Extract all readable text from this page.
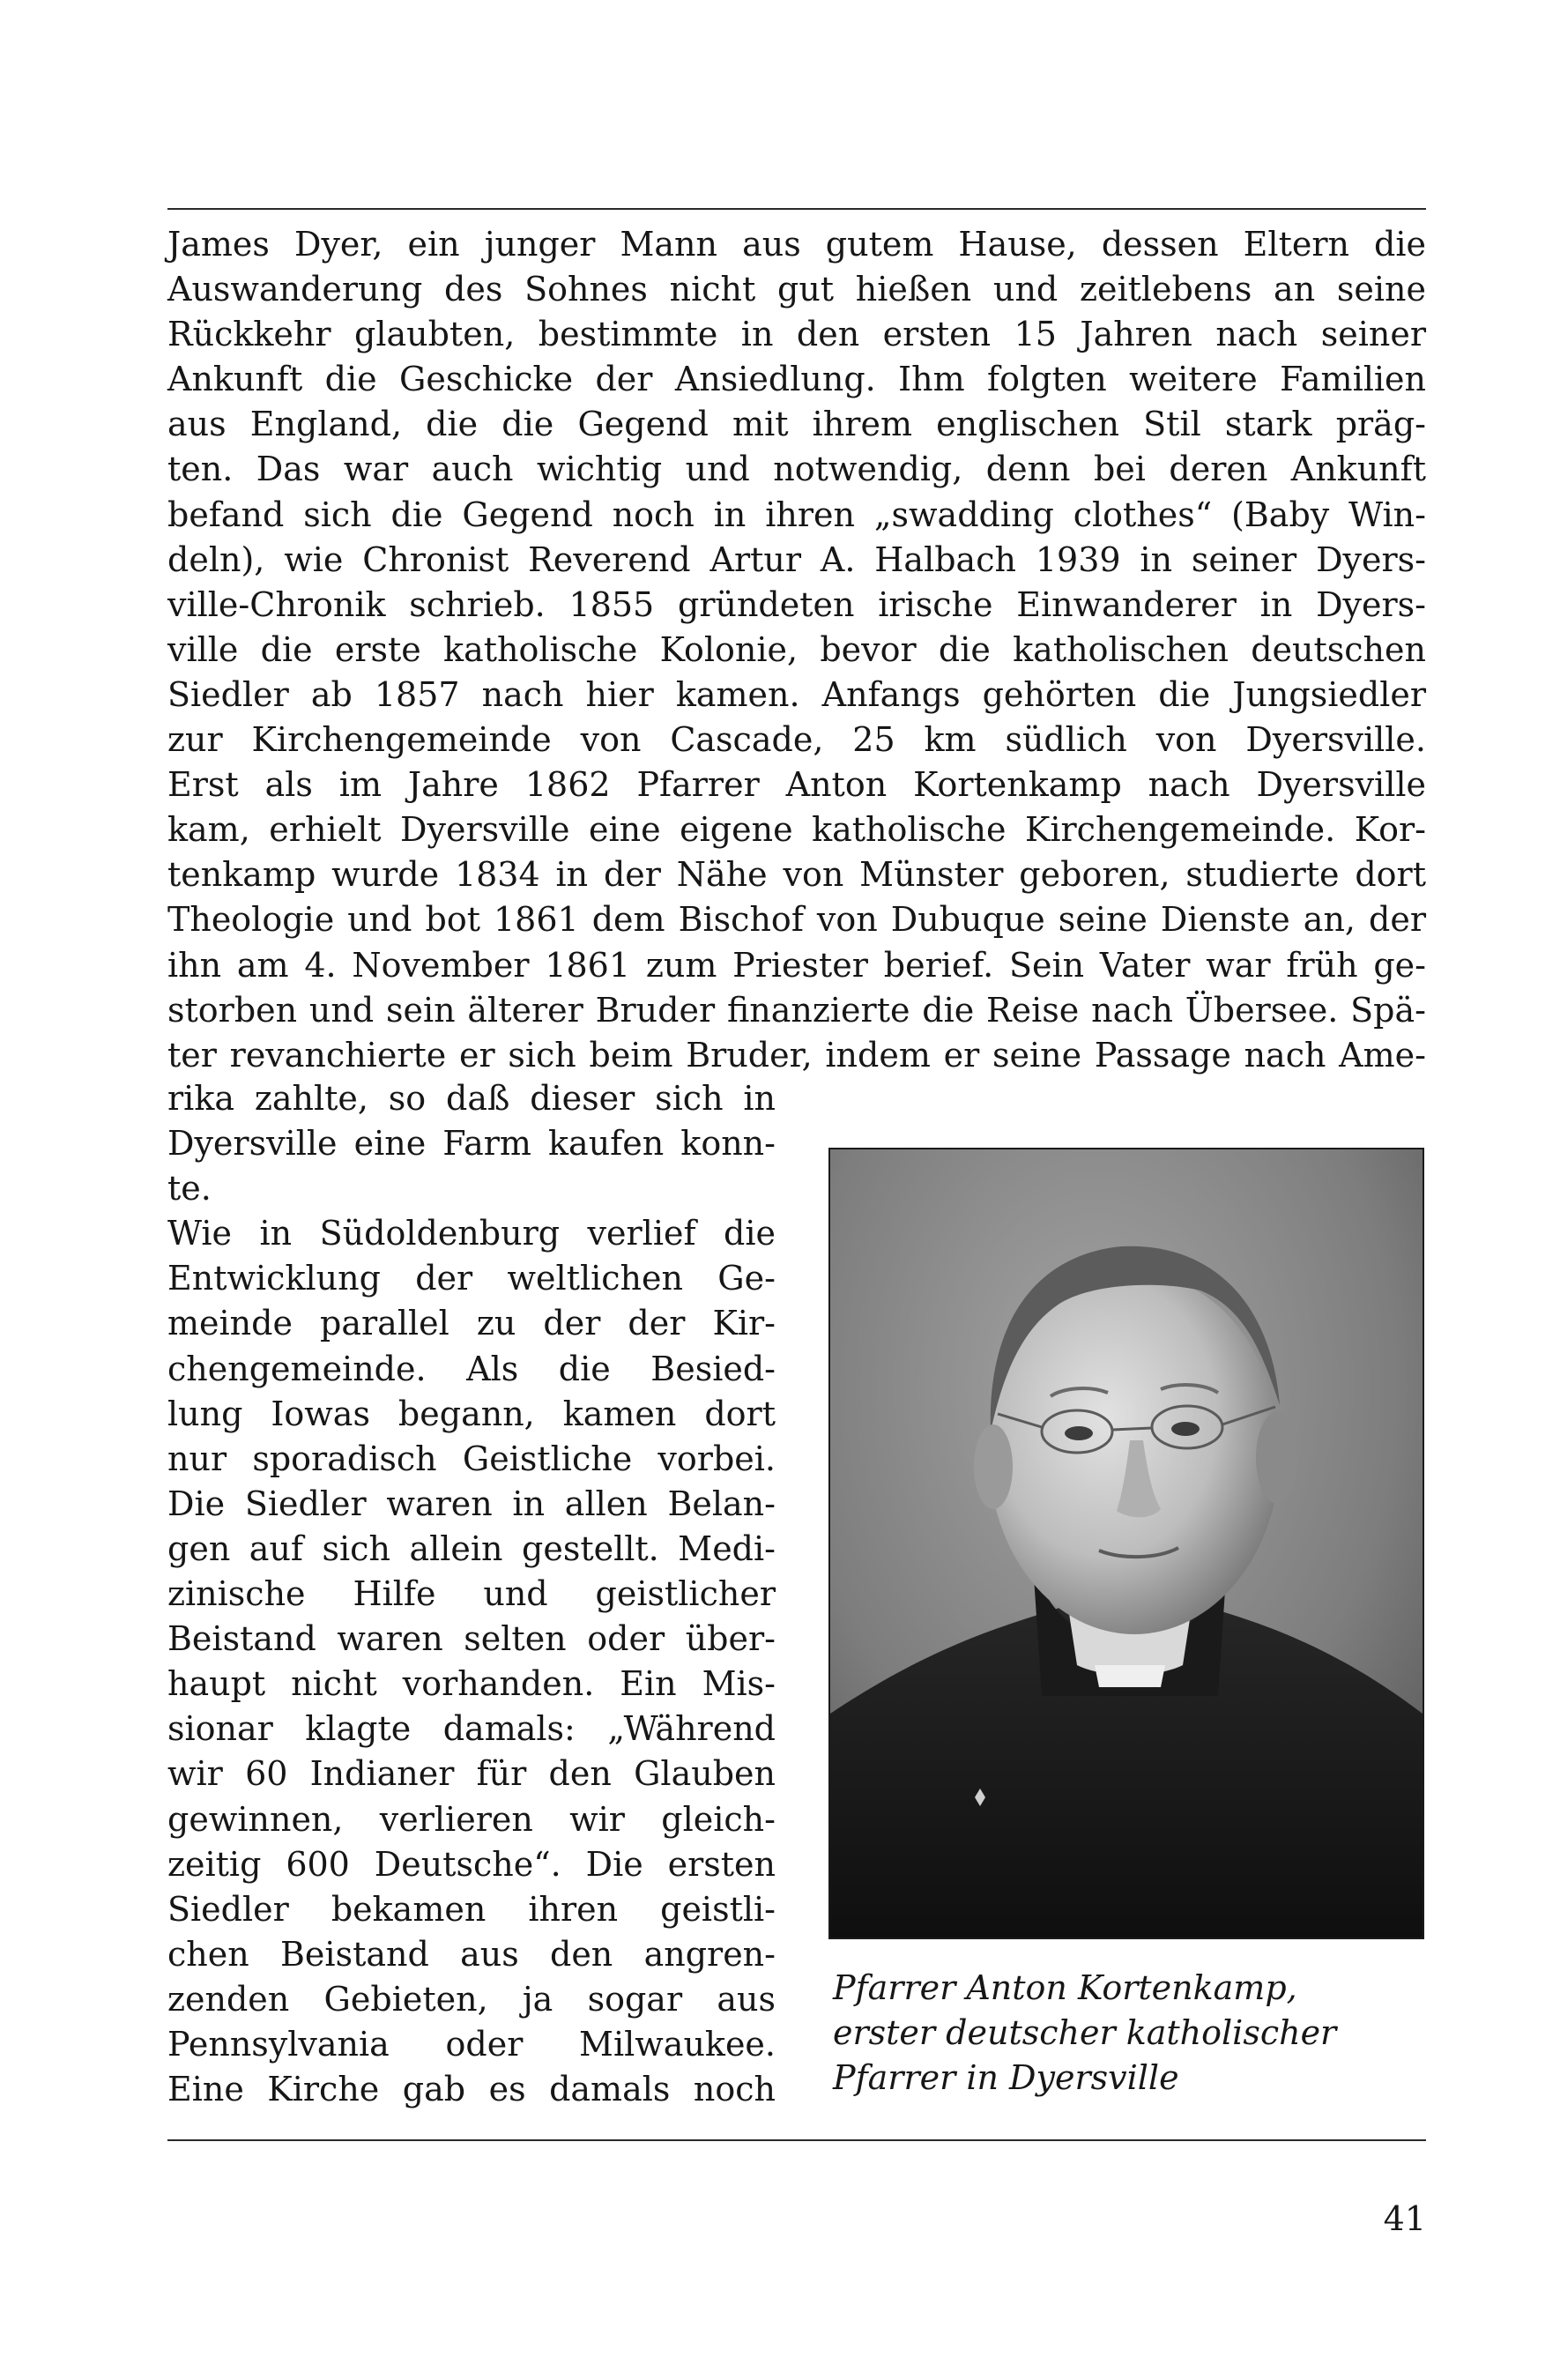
James Dyer, ein junger Mann aus gutem Hause, dessen Eltern die
Auswanderung des Sohnes nicht gut hießen und zeitlebens an seine
Rückkehr glaubten, bestimmte in den ersten 15 Jahren nach seiner
Ankunft die Geschicke der Ansiedlung. Ihm folgten weitere Familien
aus England, die die Gegend mit ihrem englischen Stil stark präg-
ten. Das war auch wichtig und notwendig, denn bei deren Ankunft
befand sich die Gegend noch in ihren „swadding clothes“ (Baby Win-
deln), wie Chronist Reverend Artur A. Halbach 1939 in seiner Dyers-
ville-Chronik schrieb. 1855 gründeten irische Einwanderer in Dyers-
ville die erste katholische Kolonie, bevor die katholischen deutschen
Siedler ab 1857 nach hier kamen. Anfangs gehörten die Jungsiedler
zur Kirchengemeinde von Cascade, 25 km südlich von Dyersville.
Erst als im Jahre 1862 Pfarrer Anton Kortenkamp nach Dyersville
kam, erhielt Dyersville eine eigene katholische Kirchengemeinde. Kor-
tenkamp wurde 1834 in der Nähe von Münster geboren, studierte dort
Theologie und bot 1861 dem Bischof von Dubuque seine Dienste an, der
ihn am 4. November 1861 zum Priester berief. Sein Vater war früh ge-
storben und sein älterer Bruder finanzierte die Reise nach Übersee. Spä-
ter revanchierte er sich beim Bruder, indem er seine Passage nach Ame-
rika zahlte, so daß dieser sich in
Dyersville eine Farm kaufen konn-
te.
Wie in Südoldenburg verlief die
Entwicklung der weltlichen Ge-
meinde parallel zu der der Kir-
chengemeinde. Als die Besied-
lung Iowas begann, kamen dort
nur sporadisch Geistliche vorbei.
Die Siedler waren in allen Belan-
gen auf sich allein gestellt. Medi-
zinische Hilfe und geistlicher
Beistand waren selten oder über-
haupt nicht vorhanden. Ein Mis-
sionar klagte damals: „Während
wir 60 Indianer für den Glauben
gewinnen, verlieren wir gleich-
zeitig 600 Deutsche“. Die ersten
Siedler bekamen ihren geistli-
chen Beistand aus den angren-
zenden Gebieten, ja sogar aus
Pennsylvania oder Milwaukee.
Eine Kirche gab es damals noch
Pfarrer Anton Kortenkamp,
erster deutscher katholischer
Pfarrer in Dyersville
41
